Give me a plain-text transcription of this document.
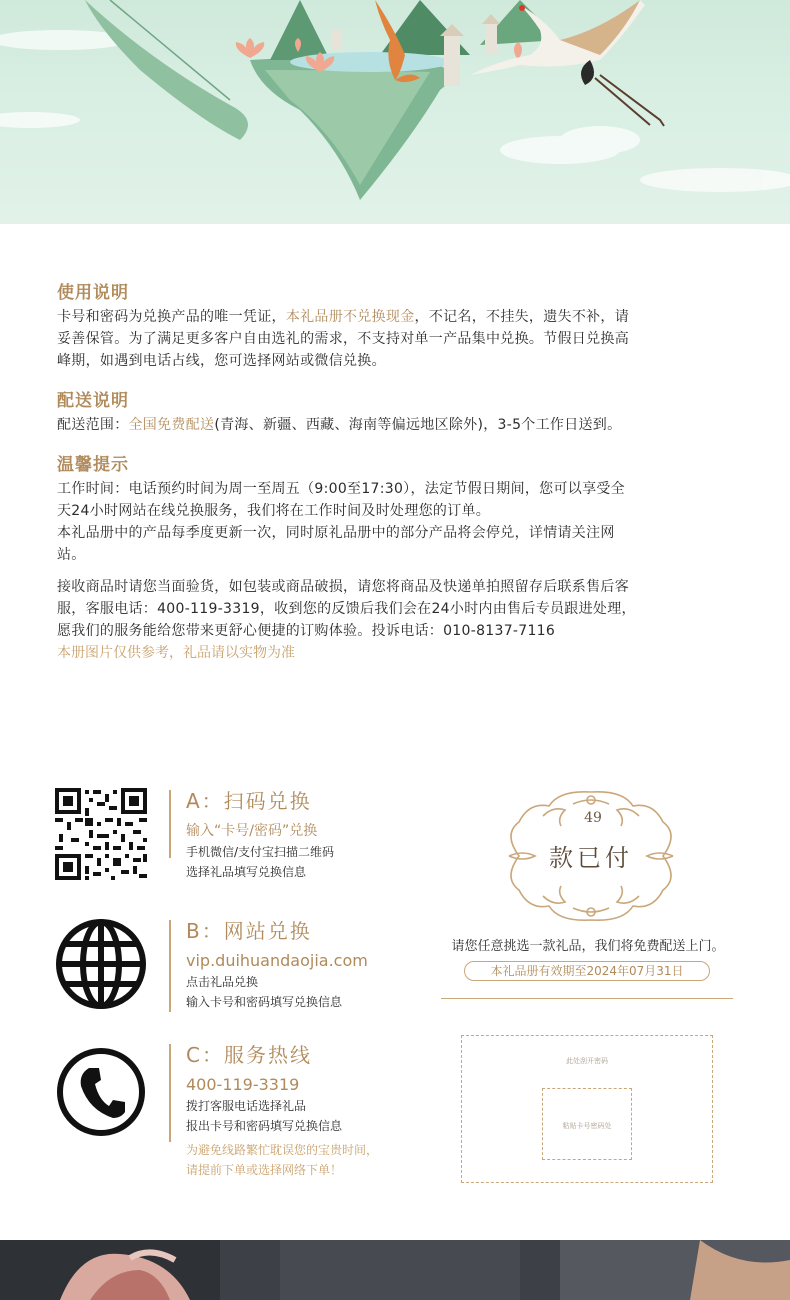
使用说明
卡号和密码为兑换产品的唯一凭证，本礼品册不兑换现金，不记名，不挂失，遗失不补，请
妥善保管。为了满足更多客户自由选礼的需求，不支持对单一产品集中兑换。节假日兑换高
峰期，如遇到电话占线，您可选择网站或微信兑换。
配送说明
配送范围：全国免费配送(青海、新疆、西藏、海南等偏远地区除外)，3-5个工作日送到。
温馨提示
工作时间：电话预约时间为周一至周五（9:00至17:30），法定节假日期间，您可以享受全
天24小时网站在线兑换服务，我们将在工作时间及时处理您的订单。
本礼品册中的产品每季度更新一次，同时原礼品册中的部分产品将会停兑，详情请关注网
站。
接收商品时请您当面验货，如包装或商品破损，请您将商品及快递单拍照留存后联系售后客
服，客服电话：400-119-3319，收到您的反馈后我们会在24小时内由售后专员跟进处理，
愿我们的服务能给您带来更舒心便捷的订购体验。投诉电话：010-8137-7116
本册图片仅供参考，礼品请以实物为准
A：扫码兑换
输入“卡号/密码”兑换
手机微信/支付宝扫描二维码
选择礼品填写兑换信息
B：网站兑换
vip.duihuandaojia.com
点击礼品兑换
输入卡号和密码填写兑换信息
C：服务热线
400-119-3319
拨打客服电话选择礼品
报出卡号和密码填写兑换信息
为避免线路繁忙耽误您的宝贵时间，
请提前下单或选择网络下单！
49
款已付
请您任意挑选一款礼品，我们将免费配送上门。
本礼品册有效期至2024年07月31日
此处刮开密码
粘贴卡号密码处
